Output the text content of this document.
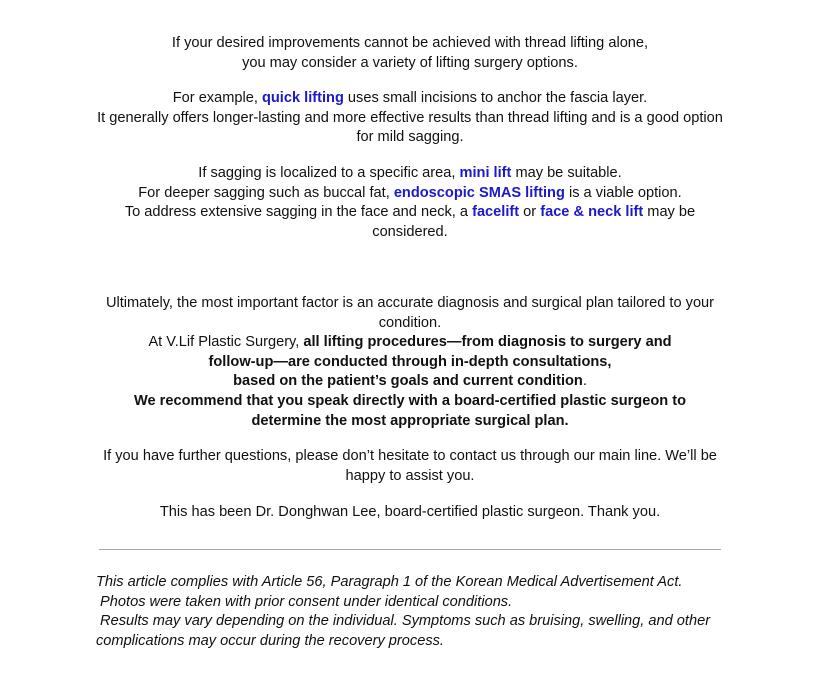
If your desired improvements cannot be achieved with thread lifting alone,

you may consider a variety of lifting surgery options.

For example, quick lifting uses small incisions to anchor the fascia layer.

It generally offers longer-lasting and more effective results than thread lifting and is a good option for mild sagging.

If sagging is localized to a specific area, mini lift may be suitable.

For deeper sagging such as buccal fat, endoscopic SMAS lifting is a viable option.

To address extensive sagging in the face and neck, a facelift or face & neck lift may be considered.

Ultimately, the most important factor is an accurate diagnosis and surgical plan tailored to your condition.

At V.Lif Plastic Surgery, all lifting procedures—from diagnosis to surgery and follow-up—are conducted through in-depth consultations,
based on the patient’s goals and current condition.

We recommend that you speak directly with a board-certified plastic surgeon to determine the most appropriate surgical plan.

If you have further questions, please don’t hesitate to contact us through our main line. We’ll be happy to assist you.

This has been Dr. Donghwan Lee, board-certified plastic surgeon. Thank you.

This article complies with Article 56, Paragraph 1 of the Korean Medical Advertisement Act.

Photos were taken with prior consent under identical conditions.

Results may vary depending on the individual. Symptoms such as bruising, swelling, and other

complications may occur during the recovery process.
